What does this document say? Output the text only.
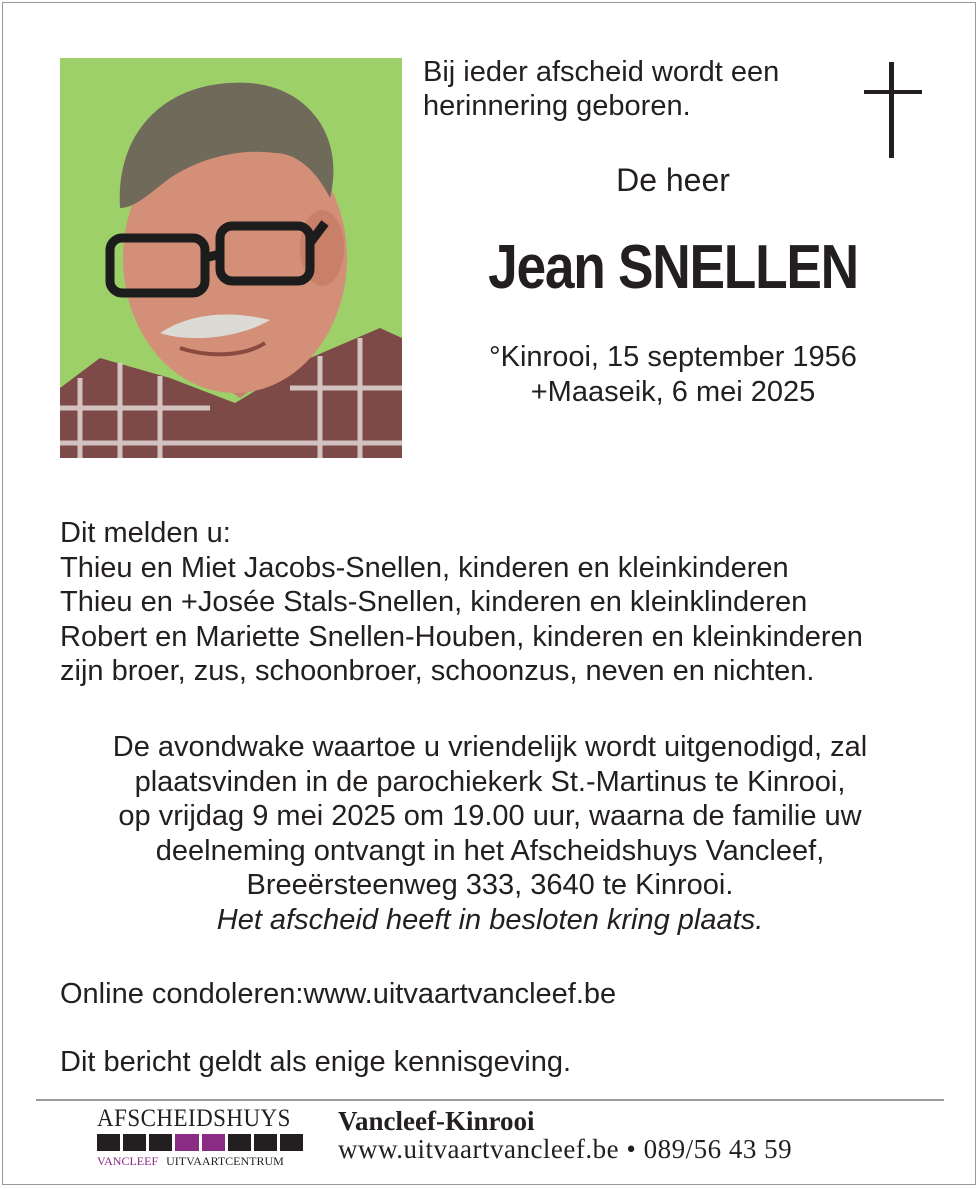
Bij ieder afscheid wordt een
herinnering geboren.
De heer
Jean SNELLEN
°Kinrooi, 15 september 1956
+Maaseik, 6 mei 2025
Dit melden u:
Thieu en Miet Jacobs-Snellen, kinderen en kleinkinderen
Thieu en +Josée Stals-Snellen, kinderen en kleinklinderen
Robert en Mariette Snellen-Houben, kinderen en kleinkinderen
zijn broer, zus, schoonbroer, schoonzus, neven en nichten.
De avondwake waartoe u vriendelijk wordt uitgenodigd, zal
plaatsvinden in de parochiekerk St.-Martinus te Kinrooi,
op vrijdag 9 mei 2025 om 19.00 uur, waarna de familie uw
deelneming ontvangt in het Afscheidshuys Vancleef,
Breeërsteenweg 333, 3640 te Kinrooi.
Het afscheid heeft in besloten kring plaats.
Online condoleren:www.uitvaartvancleef.be
Dit bericht geldt als enige kennisgeving.
AFSCHEIDSHUYS
VANCLEEF UITVAARTCENTRUM
Vancleef-Kinrooi
www.uitvaartvancleef.be • 089/56 43 59
